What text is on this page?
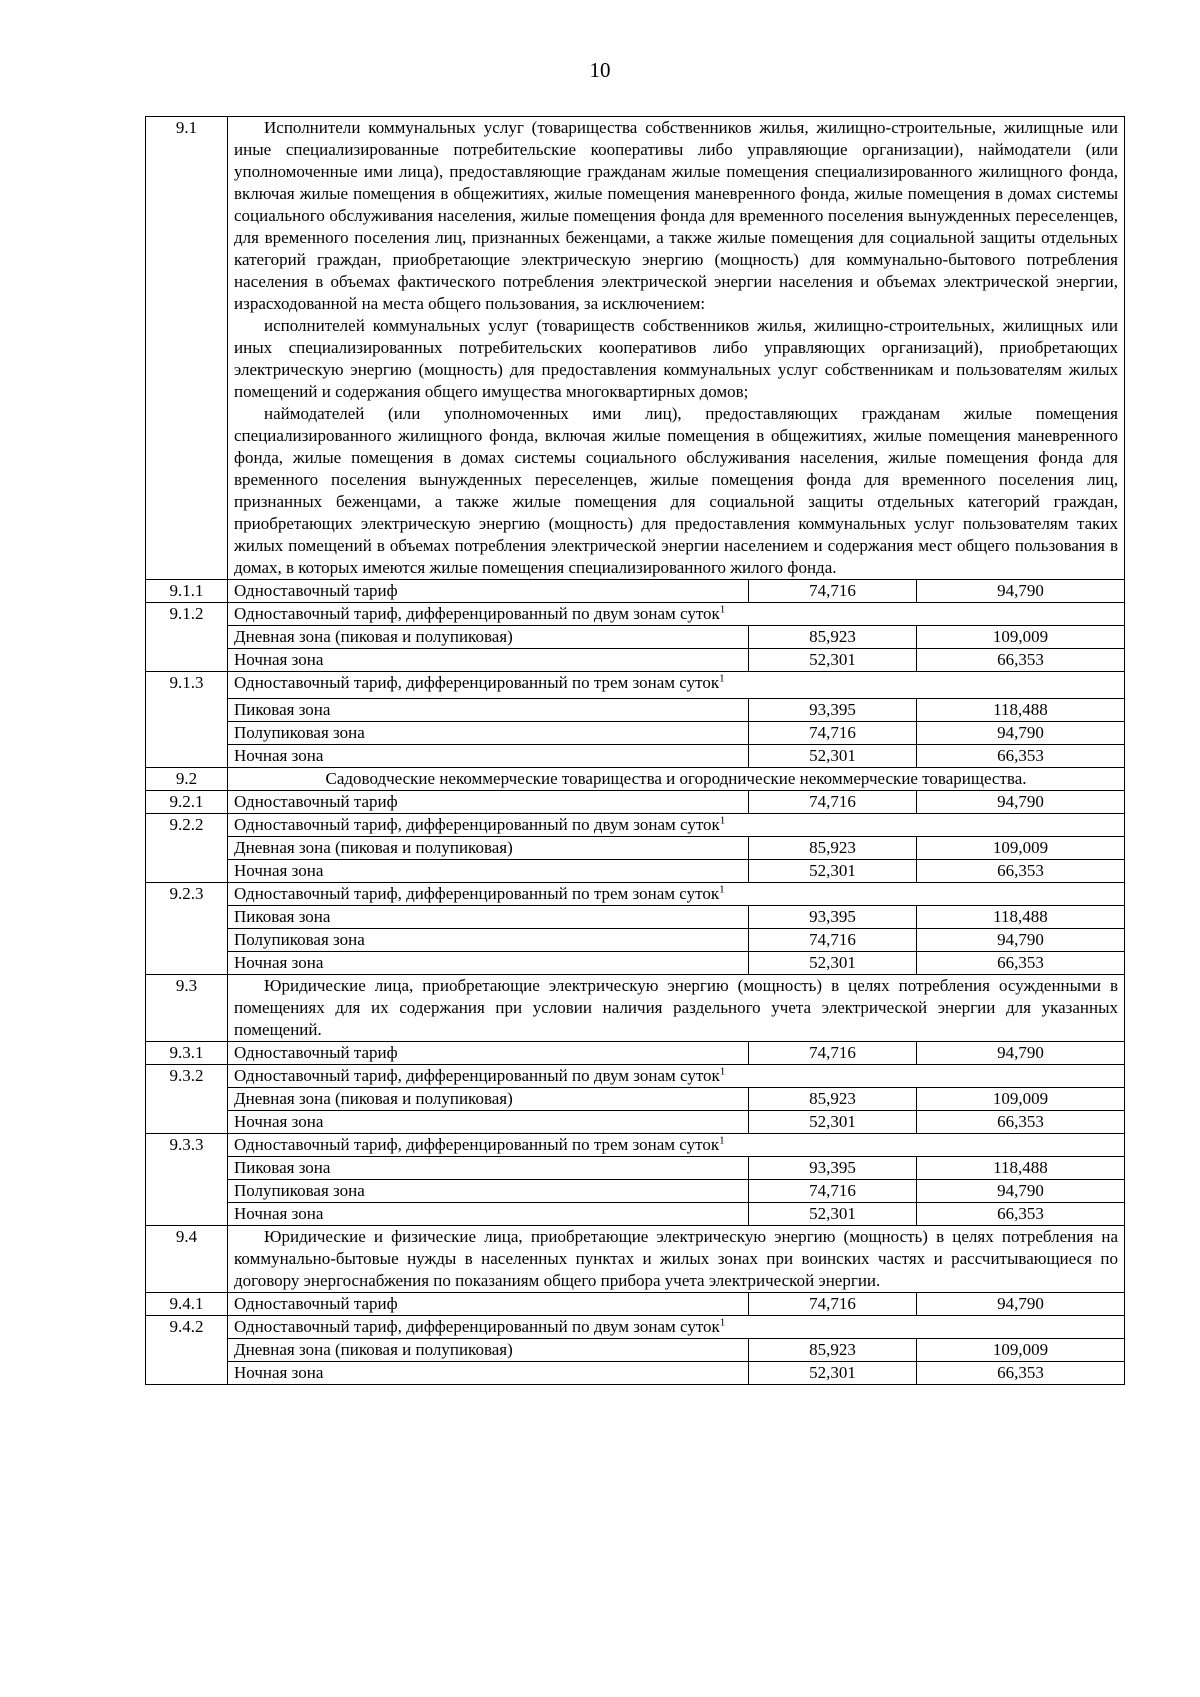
10
9.1	Исполнители коммунальных услуг (товарищества собственников жилья, жилищно-строительные, жилищные или иные специализированные потребительские кооперативы либо управляющие организации), наймодатели (или уполномоченные ими лица), предоставляющие гражданам жилые помещения специализированного жилищного фонда, включая жилые помещения в общежитиях, жилые помещения маневренного фонда, жилые помещения в домах системы социального обслуживания населения, жилые помещения фонда для временного поселения вынужденных переселенцев, для временного поселения лиц, признанных беженцами, а также жилые помещения для социальной защиты отдельных категорий граждан, приобретающие электрическую энергию (мощность) для коммунально-бытового потребления населения в объемах фактического потребления электрической энергии населения и объемах электрической энергии, израсходованной на места общего пользования, за исключением:

исполнителей коммунальных услуг (товариществ собственников жилья, жилищно-строительных, жилищных или иных специализированных потребительских кооперативов либо управляющих организаций), приобретающих электрическую энергию (мощность) для предоставления коммунальных услуг собственникам и пользователям жилых помещений и содержания общего имущества многоквартирных домов;

наймодателей (или уполномоченных ими лиц), предоставляющих гражданам жилые помещения специализированного жилищного фонда, включая жилые помещения в общежитиях, жилые помещения маневренного фонда, жилые помещения в домах системы социального обслуживания населения, жилые помещения фонда для временного поселения вынужденных переселенцев, жилые помещения фонда для временного поселения лиц, признанных беженцами, а также жилые помещения для социальной защиты отдельных категорий граждан, приобретающих электрическую энергию (мощность) для предоставления коммунальных услуг пользователям таких жилых помещений в объемах потребления электрической энергии населением и содержания мест общего пользования в домах, в которых имеются жилые помещения специализированного жилого фонда.		

9.1.1	Одноставочный тариф	74,716	94,790
9.1.2	Одноставочный тариф, дифференцированный по двум зонам суток$^1$
	Дневная зона (пиковая и полупиковая)	85,923	109,009
	Ночная зона	52,301	66,353
9.1.3	Одноставочный тариф, дифференцированный по трем зонам суток$^1$
	Пиковая зона	93,395	118,488
	Полупиковая зона	74,716	94,790
	Ночная зона	52,301	66,353
9.2	Садоводческие некоммерческие товарищества и огороднические некоммерческие товарищества.		
9.2.1	Одноставочный тариф	74,716	94,790
9.2.2	Одноставочный тариф, дифференцированный по двум зонам суток$^1$
	Дневная зона (пиковая и полупиковая)	85,923	109,009
	Ночная зона	52,301	66,353
9.2.3	Одноставочный тариф, дифференцированный по трем зонам суток$^1$
	Пиковая зона	93,395	118,488
	Полупиковая зона	74,716	94,790
	Ночная зона	52,301	66,353
9.3	Юридические лица, приобретающие электрическую энергию (мощность) в целях потребления осужденными в помещениях для их содержания при условии наличия раздельного учета электрической энергии для указанных помещений.		

9.3.1	Одноставочный тариф	74,716	94,790
9.3.2	Одноставочный тариф, дифференцированный по двум зонам суток$^1$
	Дневная зона (пиковая и полупиковая)	85,923	109,009
	Ночная зона	52,301	66,353
9.3.3	Одноставочный тариф, дифференцированный по трем зонам суток$^1$
	Пиковая зона	93,395	118,488
	Полупиковая зона	74,716	94,790
	Ночная зона	52,301	66,353
9.4	Юридические и физические лица, приобретающие электрическую энергию (мощность) в целях потребления на коммунально-бытовые нужды в населенных пунктах и жилых зонах при воинских частях и рассчитывающиеся по договору энергоснабжения по показаниям общего прибора учета электрической энергии.		

9.4.1	Одноставочный тариф	74,716	94,790
9.4.2	Одноставочный тариф, дифференцированный по двум зонам суток$^1$
	Дневная зона (пиковая и полупиковая)	85,923	109,009
	Ночная зона	52,301	66,353
